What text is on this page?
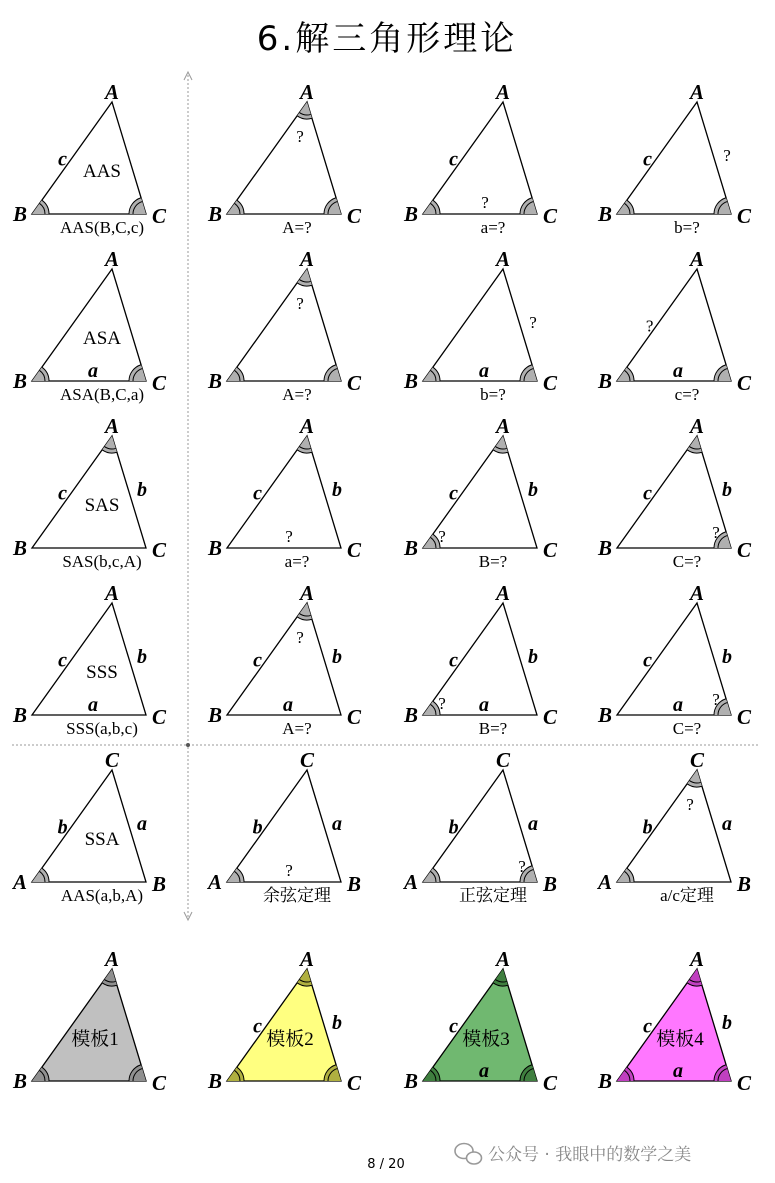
6.解三角形理论
A
B	C
c
AAS
AAS(B,C,c)
A
B	C
A=?
?
A
B	C
c
a=?
?
A
B	C
c
b=?
?
A
B	C
a
ASA
ASA(B,C,a)
A
B	C
A=?
?
A
B	C
a
b=?
?
A
B	C
a
c=?
?
A
B	C
c	b
SAS
SAS(b,c,A)
A
B	C
c	b
a=?
?
A
B	C
c	b
B=?
?
A
B	C
c	b
C=?
?
A
B	C
c	b
a
SSS
SSS(a,b,c)
A
B	C
c	b
a
A=?
?
A
B	C
c	b
a
B=?
?
A
B	C
c	b
a
C=?
?
C
A	B
b	a
SSA
AAS(a,b,A)
C
A	B
b	a
余弦定理
?
C
A	B
b	a
正弦定理
?
C
A	B
b	a
a/c定理
?
A
B	C
模板1
A
B	C
c	b
模板2
A
B	C
c
a
模板3
A
B	C
c	b
a
模板4
8 / 20	公众号 · 我眼中的数学之美
